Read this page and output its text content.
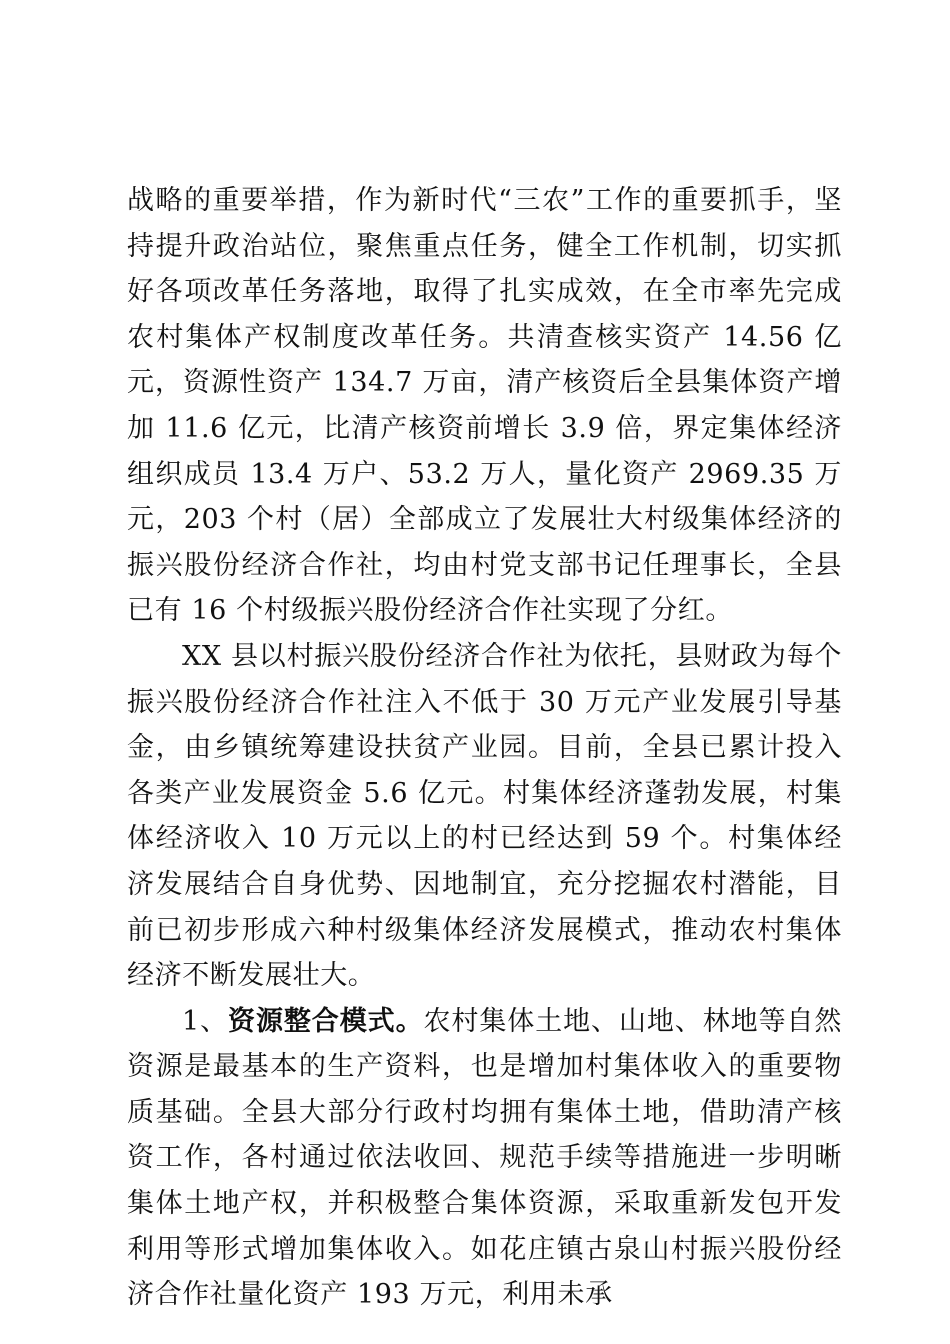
战略的重要举措，作为新时代“三农”工作的重要抓手，坚持提升政治站位，聚焦重点任务，健全工作机制，切实抓好各项改革任务落地，取得了扎实成效，在全市率先完成农村集体产权制度改革任务。共清查核实资产 14.56 亿元，资源性资产 134.7 万亩，清产核资后全县集体资产增加 11.6 亿元，比清产核资前增长 3.9 倍，界定集体经济组织成员 13.4 万户、53.2 万人，量化资产 2969.35 万元，203 个村（居）全部成立了发展壮大村级集体经济的振兴股份经济合作社，均由村党支部书记任理事长，全县已有 16 个村级振兴股份经济合作社实现了分红。

XX 县以村振兴股份经济合作社为依托，县财政为每个振兴股份经济合作社注入不低于 30 万元产业发展引导基金，由乡镇统筹建设扶贫产业园。目前，全县已累计投入各类产业发展资金 5.6 亿元。村集体经济蓬勃发展，村集体经济收入 10 万元以上的村已经达到 59 个。村集体经济发展结合自身优势、因地制宜，充分挖掘农村潜能，目前已初步形成六种村级集体经济发展模式，推动农村集体经济不断发展壮大。

1、资源整合模式。农村集体土地、山地、林地等自然资源是最基本的生产资料，也是增加村集体收入的重要物质基础。全县大部分行政村均拥有集体土地，借助清产核资工作，各村通过依法收回、规范手续等措施进一步明晰集体土地产权，并积极整合集体资源，采取重新发包开发利用等形式增加集体收入。如花庄镇古泉山村振兴股份经济合作社量化资产 193 万元，利用未承
